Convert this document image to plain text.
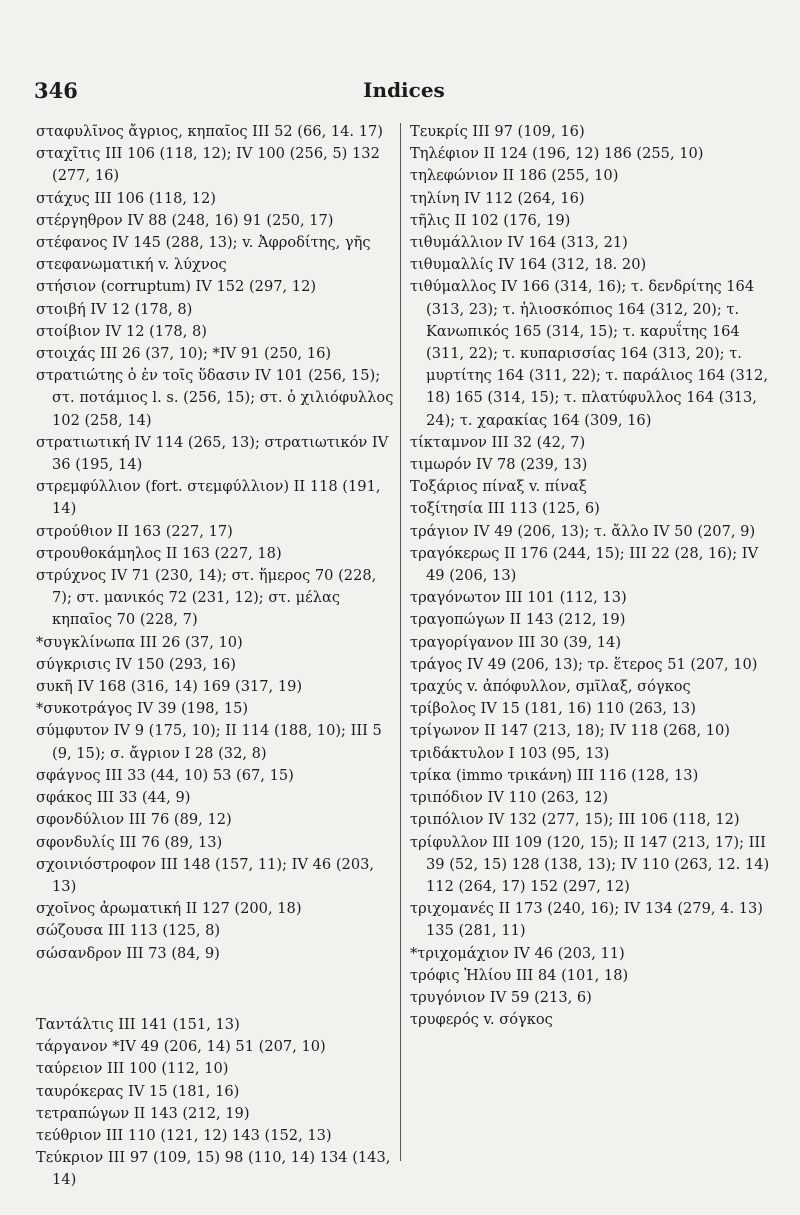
346	Indices

σταφυλῖνος ἄγριος, κηπαῖος III 52 (66, 14. 17)

σταχῖτις III 106 (118, 12); IV 100 (256, 5) 132 (277, 16)

στάχυς III 106 (118, 12)

στέργηθρον IV 88 (248, 16) 91 (250, 17)

στέφανος IV 145 (288, 13); v. Ἀφροδίτης, γῆς

στεφανωματική v. λύχνος

στήσιον (corruptum) IV 152 (297, 12)

στοιβή IV 12 (178, 8)

στοίβιον IV 12 (178, 8)

στοιχάς III 26 (37, 10); *IV 91 (250, 16)

στρατιώτης ὁ ἐν τοῖς ὕδασιν IV 101 (256, 15); στ. ποτάμιος l. s. (256, 15); στ. ὁ χιλιόφυλλος 102 (258, 14)

στρατιωτική IV 114 (265, 13); στρατιωτικόν IV 36 (195, 14)

στρεμφύλλιον (fort. στεμφύλλιον) II 118 (191, 14)

στρούθιον II 163 (227, 17)

στρουθοκάμηλος II 163 (227, 18)

στρύχνος IV 71 (230, 14); στ. ἥμερος 70 (228, 7); στ. μανικός 72 (231, 12); στ. μέλας κηπαῖος 70 (228, 7)

*συγκλίνωπα III 26 (37, 10)

σύγκρισις IV 150 (293, 16)

συκῆ IV 168 (316, 14) 169 (317, 19)

*συκοτράγος IV 39 (198, 15)

σύμφυτον IV 9 (175, 10); II 114 (188, 10); III 5 (9, 15); σ. ἄγριον I 28 (32, 8)

σφάγνος III 33 (44, 10) 53 (67, 15)

σφάκος III 33 (44, 9)

σφονδύλιον III 76 (89, 12)

σφονδυλίς III 76 (89, 13)

σχοινιόστροφον III 148 (157, 11); IV 46 (203, 13)

σχοῖνος ἀρωματική II 127 (200, 18)

σώζουσα III 113 (125, 8)

σώσανδρον III 73 (84, 9)

Ταντάλτις III 141 (151, 13)

τάργανον *IV 49 (206, 14) 51 (207, 10)

ταύρειον III 100 (112, 10)

ταυρόκερας IV 15 (181, 16)

τετραπώγων II 143 (212, 19)

τεύθριον III 110 (121, 12) 143 (152, 13)

Τεύκριον III 97 (109, 15) 98 (110, 14) 134 (143, 14)

Τευκρίς III 97 (109, 16)

Τηλέφιον II 124 (196, 12) 186 (255, 10)

τηλεφώνιον II 186 (255, 10)

τηλίνη IV 112 (264, 16)

τῆλις II 102 (176, 19)

τιθυμάλλιον IV 164 (313, 21)

τιθυμαλλίς IV 164 (312, 18. 20)

τιθύμαλλος IV 166 (314, 16); τ. δενδρίτης 164 (313, 23); τ. ἡλιοσκόπιος 164 (312, 20); τ. Κανωπικός 165 (314, 15); τ. καρυΐτης 164 (311, 22); τ. κυπαρισσίας 164 (313, 20); τ. μυρτίτης 164 (311, 22); τ. παράλιος 164 (312, 18) 165 (314, 15); τ. πλατύφυλλος 164 (313, 24); τ. χαρακίας 164 (309, 16)

τίκταμνον III 32 (42, 7)

τιμωρόν IV 78 (239, 13)

Τοξάριος πίναξ v. πίναξ

τοξίτησία III 113 (125, 6)

τράγιον IV 49 (206, 13); τ. ἄλλο IV 50 (207, 9)

τραγόκερως II 176 (244, 15); III 22 (28, 16); IV 49 (206, 13)

τραγόνωτον III 101 (112, 13)

τραγοπώγων II 143 (212, 19)

τραγορίγανον III 30 (39, 14)

τράγος IV 49 (206, 13); τρ. ἕτερος 51 (207, 10)

τραχύς v. ἀπόφυλλον, σμῖλαξ, σόγκος

τρίβολος IV 15 (181, 16) 110 (263, 13)

τρίγωνον II 147 (213, 18); IV 118 (268, 10)

τριδάκτυλον I 103 (95, 13)

τρίκα (immo τρικάνη) III 116 (128, 13)

τριπόδιον IV 110 (263, 12)

τριπόλιον IV 132 (277, 15); III 106 (118, 12)

τρίφυλλον III 109 (120, 15); II 147 (213, 17); III 39 (52, 15) 128 (138, 13); IV 110 (263, 12. 14) 112 (264, 17) 152 (297, 12)

τριχομανές II 173 (240, 16); IV 134 (279, 4. 13) 135 (281, 11)

*τριχομάχιον IV 46 (203, 11)

τρόφις Ἡλίου III 84 (101, 18)

τρυγόνιον IV 59 (213, 6)

τρυφερός v. σόγκος
